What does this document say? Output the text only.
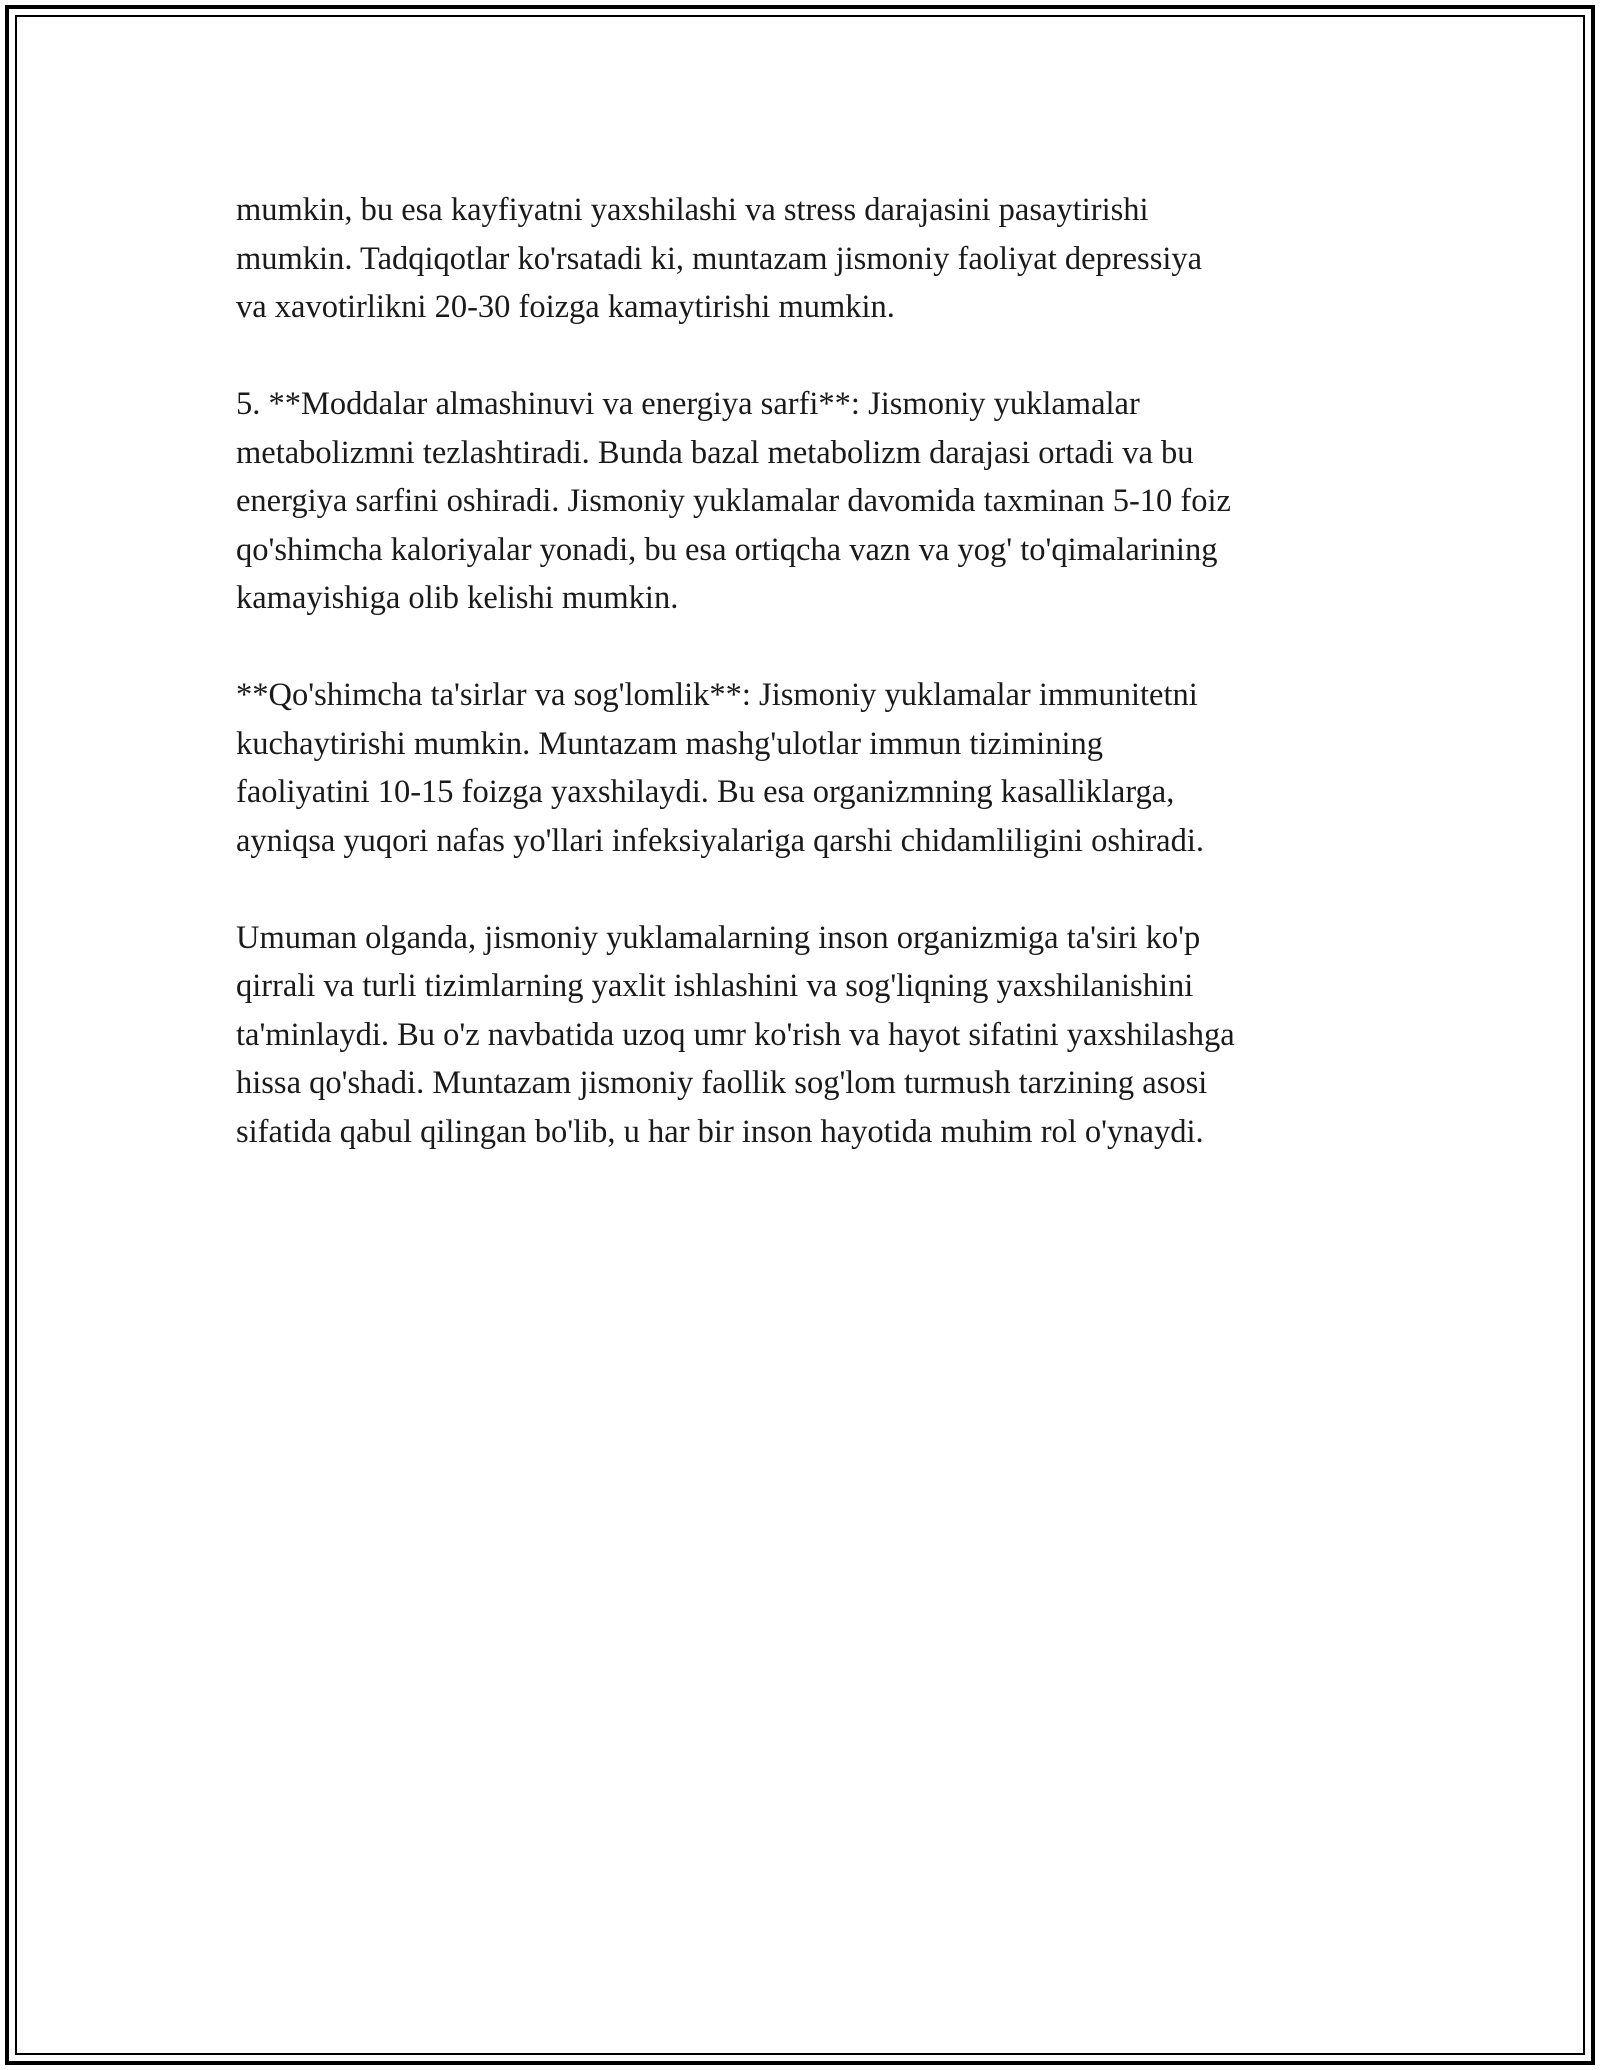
mumkin, bu esa kayfiyatni yaxshilashi va stress darajasini pasaytirishi
mumkin. Tadqiqotlar ko'rsatadi ki, muntazam jismoniy faoliyat depressiya
va xavotirlikni 20-30 foizga kamaytirishi mumkin.

5. **Moddalar almashinuvi va energiya sarfi**: Jismoniy yuklamalar
metabolizmni tezlashtiradi. Bunda bazal metabolizm darajasi ortadi va bu
energiya sarfini oshiradi. Jismoniy yuklamalar davomida taxminan 5-10 foiz
qo'shimcha kaloriyalar yonadi, bu esa ortiqcha vazn va yog' to'qimalarining
kamayishiga olib kelishi mumkin.

**Qo'shimcha ta'sirlar va sog'lomlik**: Jismoniy yuklamalar immunitetni
kuchaytirishi mumkin. Muntazam mashg'ulotlar immun tizimining
faoliyatini 10-15 foizga yaxshilaydi. Bu esa organizmning kasalliklarga,
ayniqsa yuqori nafas yo'llari infeksiyalariga qarshi chidamliligini oshiradi.

Umuman olganda, jismoniy yuklamalarning inson organizmiga ta'siri ko'p
qirrali va turli tizimlarning yaxlit ishlashini va sog'liqning yaxshilanishini
ta'minlaydi. Bu o'z navbatida uzoq umr ko'rish va hayot sifatini yaxshilashga
hissa qo'shadi. Muntazam jismoniy faollik sog'lom turmush tarzining asosi
sifatida qabul qilingan bo'lib, u har bir inson hayotida muhim rol o'ynaydi.
